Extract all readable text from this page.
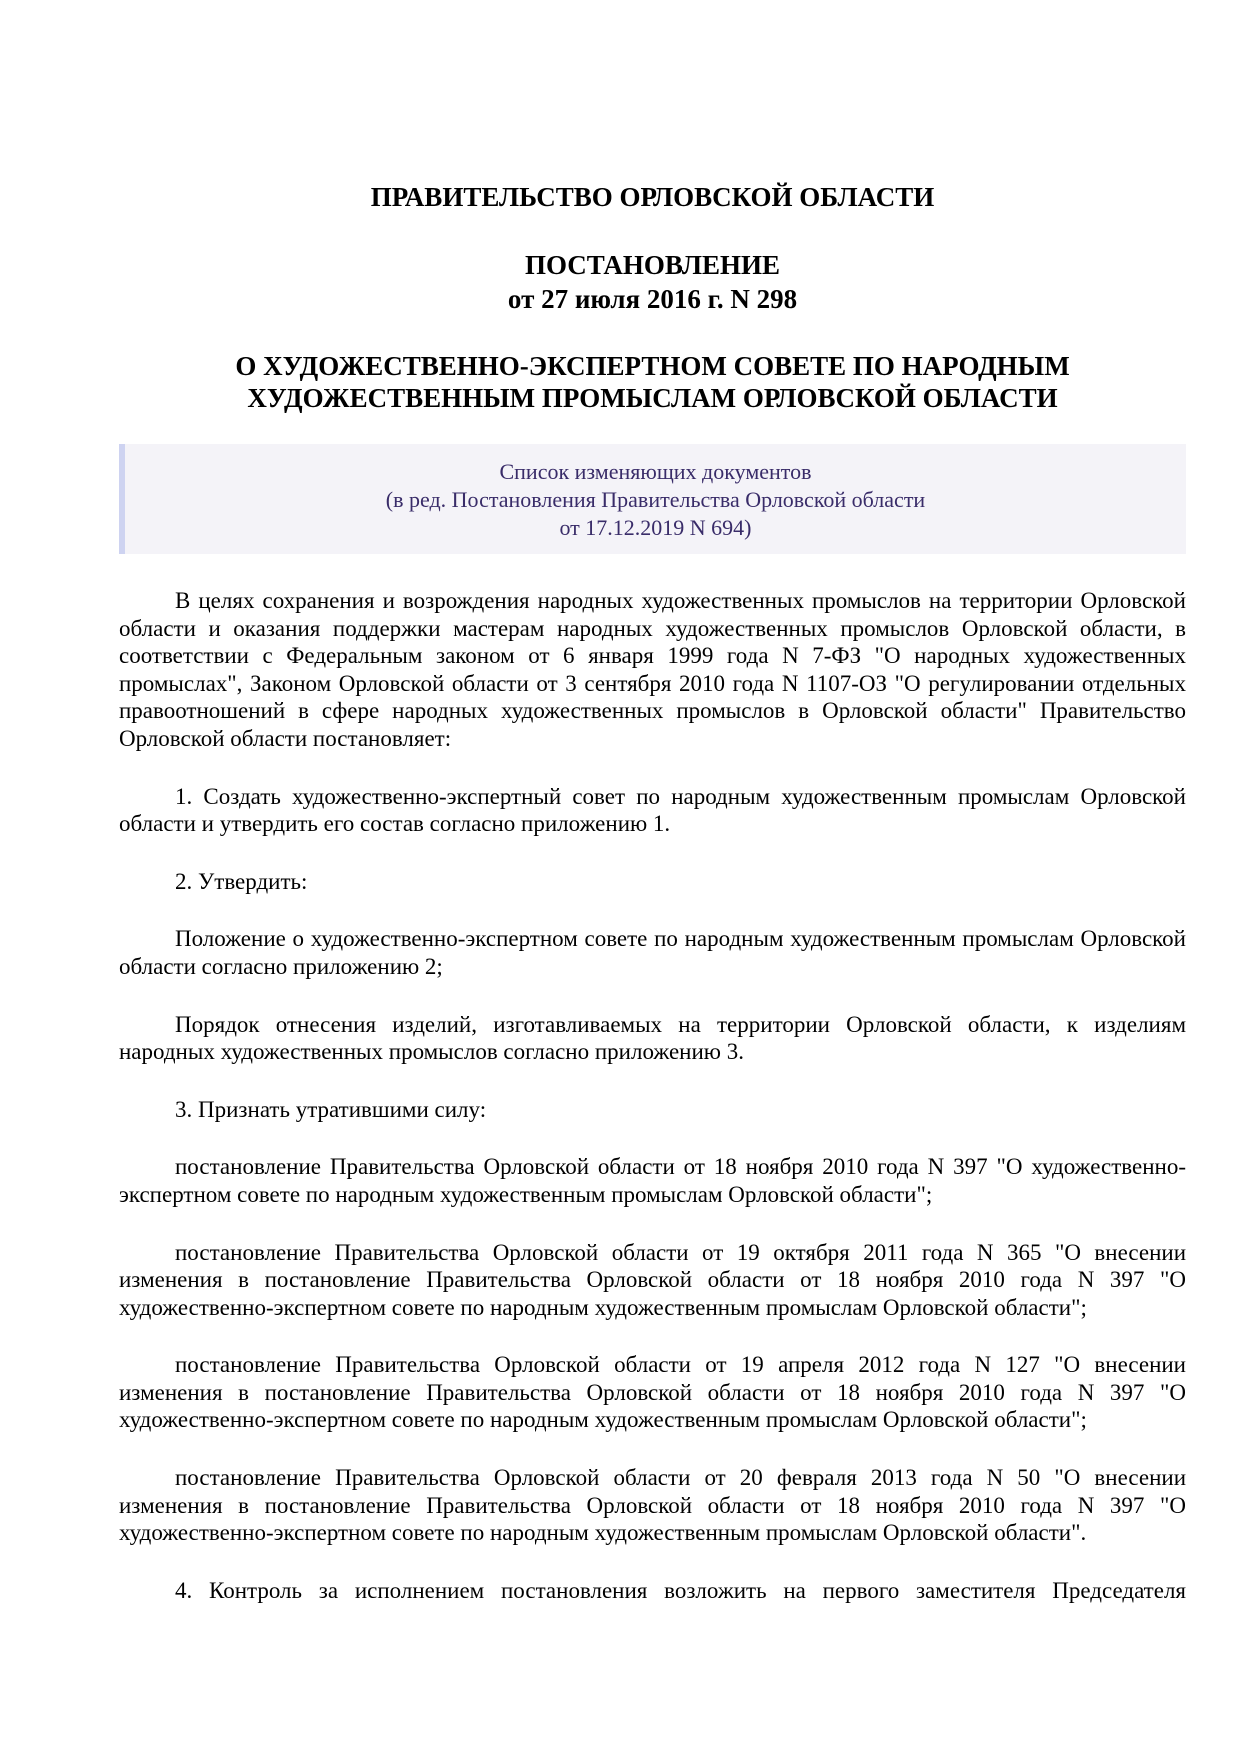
ПРАВИТЕЛЬСТВО ОРЛОВСКОЙ ОБЛАСТИ
ПОСТАНОВЛЕНИЕ
от 27 июля 2016 г. N 298
О ХУДОЖЕСТВЕННО-ЭКСПЕРТНОМ СОВЕТЕ ПО НАРОДНЫМ
ХУДОЖЕСТВЕННЫМ ПРОМЫСЛАМ ОРЛОВСКОЙ ОБЛАСТИ
Список изменяющих документов
(в ред. Постановления Правительства Орловской области
от 17.12.2019 N 694)

В целях сохранения и возрождения народных художественных промыслов на территории Орловской области и оказания поддержки мастерам народных художественных промыслов Орловской области, в соответствии с Федеральным законом от 6 января 1999 года N 7-ФЗ "О народных художественных промыслах", Законом Орловской области от 3 сентября 2010 года N 1107-ОЗ "О регулировании отдельных правоотношений в сфере народных художественных промыслов в Орловской области" Правительство Орловской области постановляет:

1. Создать художественно-экспертный совет по народным художественным промыслам Орловской области и утвердить его состав согласно приложению 1.

2. Утвердить:

Положение о художественно-экспертном совете по народным художественным промыслам Орловской области согласно приложению 2;

Порядок отнесения изделий, изготавливаемых на территории Орловской области, к изделиям народных художественных промыслов согласно приложению 3.

3. Признать утратившими силу:

постановление Правительства Орловской области от 18 ноября 2010 года N 397 "О художественно-экспертном совете по народным художественным промыслам Орловской области";

постановление Правительства Орловской области от 19 октября 2011 года N 365 "О внесении изменения в постановление Правительства Орловской области от 18 ноября 2010 года N 397 "О художественно-экспертном совете по народным художественным промыслам Орловской области";

постановление Правительства Орловской области от 19 апреля 2012 года N 127 "О внесении изменения в постановление Правительства Орловской области от 18 ноября 2010 года N 397 "О художественно-экспертном совете по народным художественным промыслам Орловской области";

постановление Правительства Орловской области от 20 февраля 2013 года N 50 "О внесении изменения в постановление Правительства Орловской области от 18 ноября 2010 года N 397 "О художественно-экспертном совете по народным художественным промыслам Орловской области".

4. Контроль за исполнением постановления возложить на первого заместителя Председателя
